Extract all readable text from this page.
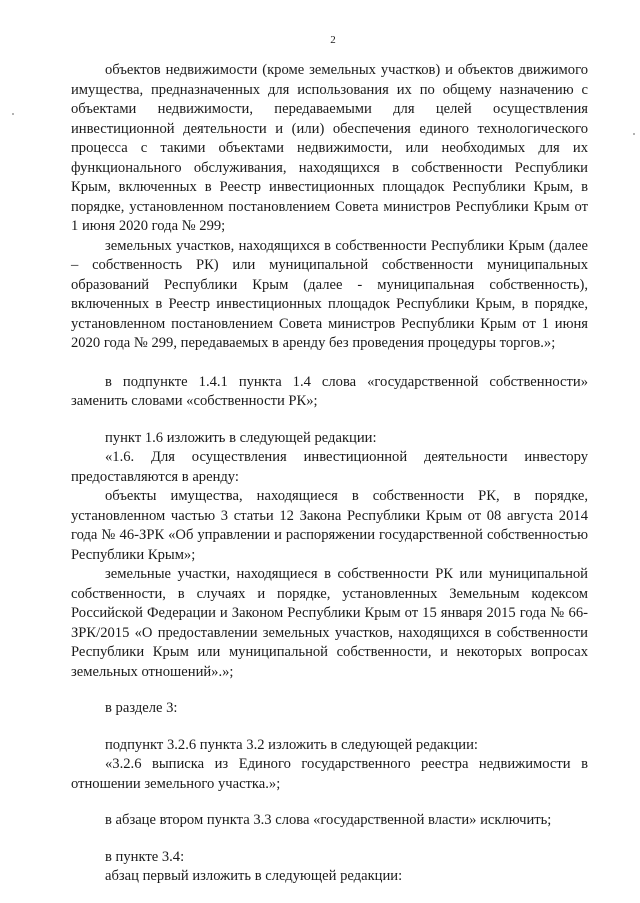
2

объектов недвижимости (кроме земельных участков) и объектов движимого имущества, предназначенных для использования их по общему назначению с объектами недвижимости, передаваемыми для целей осуществления инвестиционной деятельности и (или) обеспечения единого технологического процесса с такими объектами недвижимости, или необходимых для их функционального обслуживания, находящихся в собственности Республики Крым, включенных в Реестр инвестиционных площадок Республики Крым, в порядке, установленном постановлением Совета министров Республики Крым от 1 июня 2020 года № 299;

земельных участков, находящихся в собственности Республики Крым (далее – собственность РК) или муниципальной собственности муниципальных образований Республики Крым (далее - муниципальная собственность), включенных в Реестр инвестиционных площадок Республики Крым, в порядке, установленном постановлением Совета министров Республики Крым от 1 июня 2020 года № 299, передаваемых в аренду без проведения процедуры торгов.»;

в подпункте 1.4.1 пункта 1.4 слова «государственной собственности» заменить словами «собственности РК»;

пункт 1.6 изложить в следующей редакции:

«1.6. Для осуществления инвестиционной деятельности инвестору предоставляются в аренду:

объекты имущества, находящиеся в собственности РК, в порядке, установленном частью 3 статьи 12 Закона Республики Крым от 08 августа 2014 года № 46-ЗРК «Об управлении и распоряжении государственной собственностью Республики Крым»;

земельные участки, находящиеся в собственности РК или муниципальной собственности, в случаях и порядке, установленных Земельным кодексом Российской Федерации и Законом Республики Крым от 15 января 2015 года № 66-ЗРК/2015 «О предоставлении земельных участков, находящихся в собственности Республики Крым или муниципальной собственности, и некоторых вопросах земельных отношений».»;

в разделе 3:

подпункт 3.2.6 пункта 3.2 изложить в следующей редакции:

«3.2.6 выписка из Единого государственного реестра недвижимости в отношении земельного участка.»;

в абзаце втором пункта 3.3 слова «государственной власти» исключить;

в пункте 3.4:

абзац первый изложить в следующей редакции:
